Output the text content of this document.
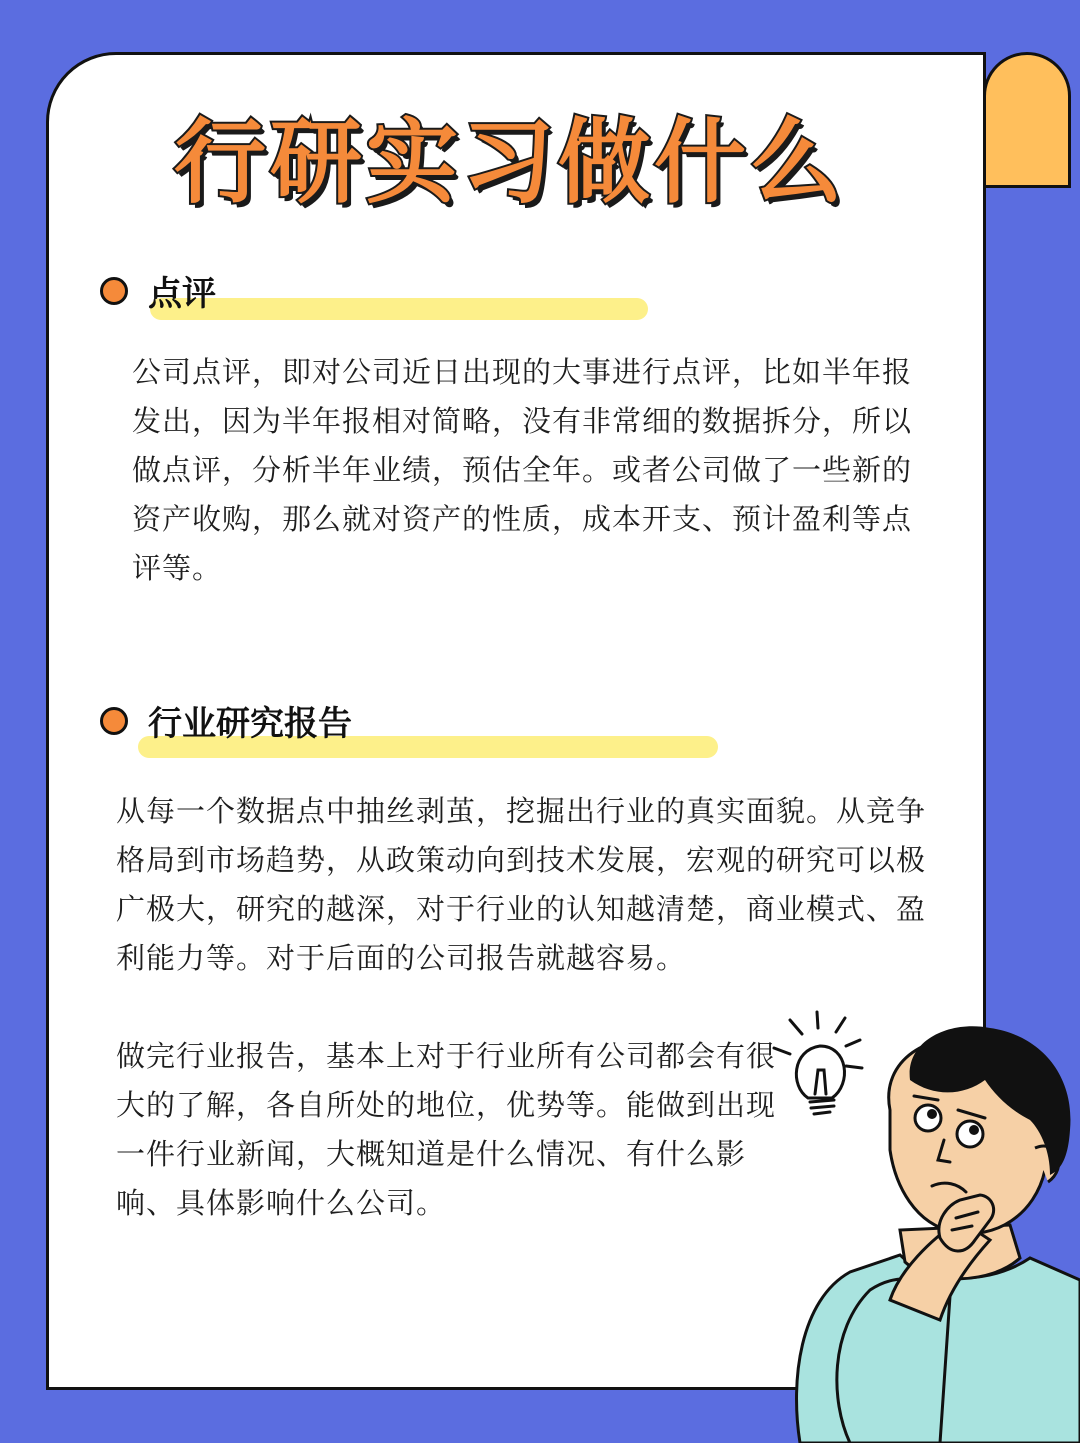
行研实习做什么
点评
公司点评，即对公司近日出现的大事进行点评，比如半年报发出，因为半年报相对简略，没有非常细的数据拆分，所以做点评，分析半年业绩，预估全年。或者公司做了一些新的资产收购，那么就对资产的性质，成本开支、预计盈利等点评等。
行业研究报告
从每一个数据点中抽丝剥茧，挖掘出行业的真实面貌。从竞争格局到市场趋势，从政策动向到技术发展，宏观的研究可以极广极大，研究的越深，对于行业的认知越清楚，商业模式、盈利能力等。对于后面的公司报告就越容易。
做完行业报告，基本上对于行业所有公司都会有很大的了解，各自所处的地位，优势等。能做到出现一件行业新闻，大概知道是什么情况、有什么影响、具体影响什么公司。
